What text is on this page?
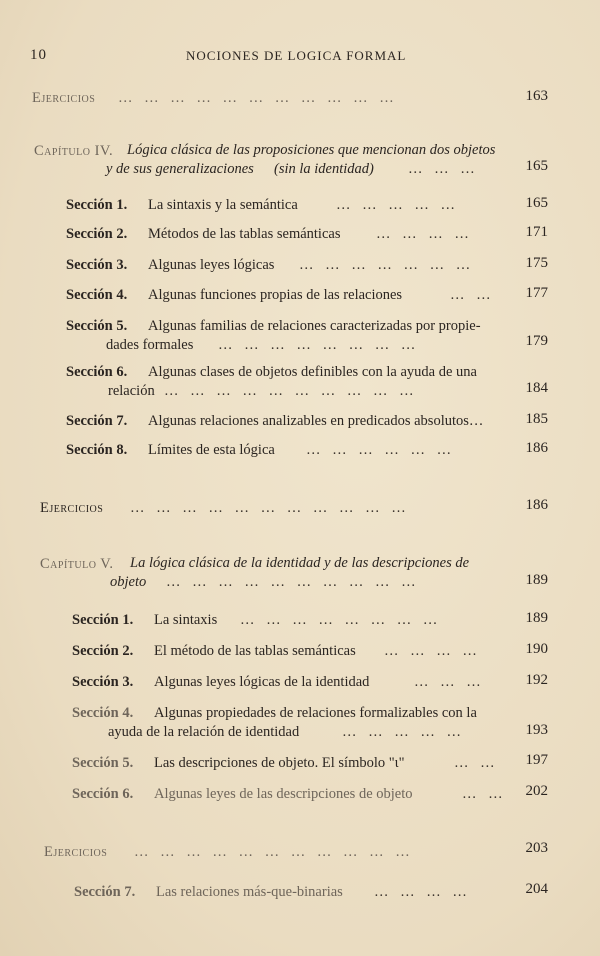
10	NOCIONES DE LOGICA FORMAL
Ejercicios … … … … … … … … … … …	163
Capítulo IV. Lógica clásica de las proposiciones que mencionan dos objetos
y de sus generalizaciones (sin la identidad) … … …	165
Sección 1. La sintaxis y la semántica	… … … … …	165
Sección 2. Métodos de las tablas semánticas … … … …	171
Sección 3. Algunas leyes lógicas … … … … … … …	175
Sección 4. Algunas funciones propias de las relaciones	… …	177
Sección 5. Algunas familias de relaciones caracterizadas por propie-
dades formales … … … … … … … …	179
Sección 6. Algunas clases de objetos definibles con la ayuda de una
relación … … … … … … … … … …	184
Sección 7. Algunas relaciones analizables en predicados absolutos…	185
Sección 8. Límites de esta lógica … … … … … …	186
Ejercicios … … … … … … … … … … …	186
Capítulo V. La lógica clásica de la identidad y de las descripciones de
objeto … … … … … … … … … …	189
Sección 1. La sintaxis … … … … … … … …	189
Sección 2. El método de las tablas semánticas … … … …	190
Sección 3. Algunas leyes lógicas de la identidad	… … …	192
Sección 4. Algunas propiedades de relaciones formalizables con la
ayuda de la relación de identidad	… … … … …	193
Sección 5. Las descripciones de objeto. El símbolo "ι"	… …	197
Sección 6. Algunas leyes de las descripciones de objeto	… …	202
Ejercicios … … … … … … … … … … …	203
Sección 7. Las relaciones más-que-binarias … … … …	204
